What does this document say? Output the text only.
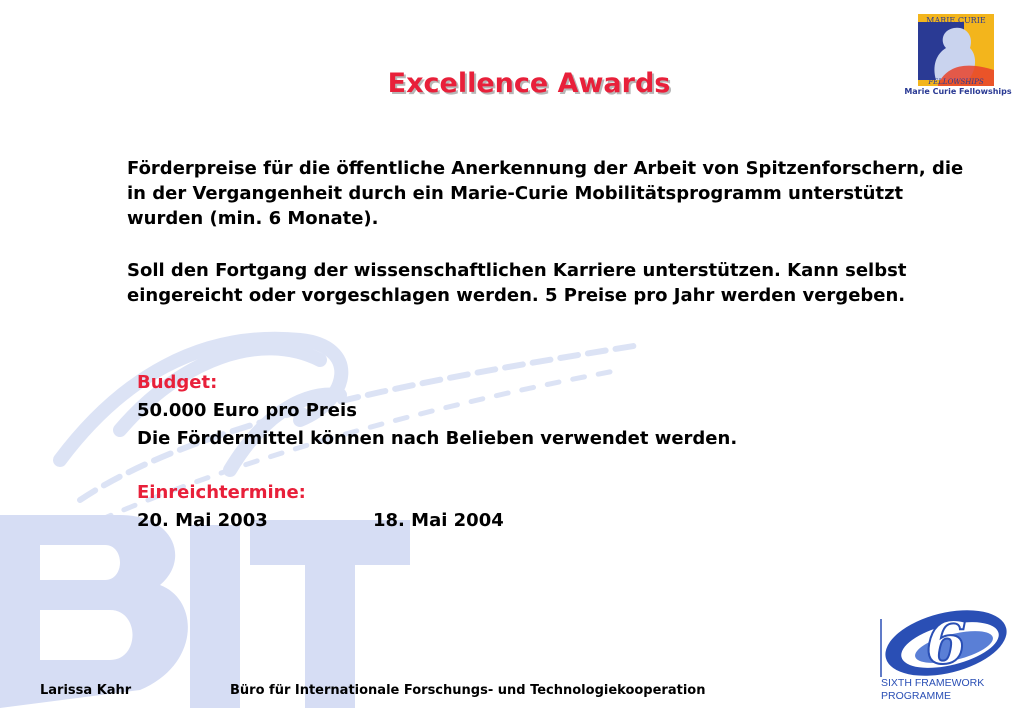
Excellence Awards
MARIE CURIE
FELLOWSHIPS
Marie Curie Fellowships
Förderpreise für die öffentliche Anerkennung der Arbeit von Spitzenforschern, die in der Vergangenheit durch ein Marie-Curie Mobilitätsprogramm unterstützt wurden (min. 6 Monate).
Soll den Fortgang der wissenschaftlichen Karriere unterstützen. Kann selbst eingereicht oder vorgeschlagen werden. 5 Preise pro Jahr werden vergeben.
Budget:
50.000 Euro pro Preis
Die Fördermittel können nach Belieben verwendet werden.
Einreichtermine:
20. Mai 2003	18. Mai 2004
6
SIXTH FRAMEWORK
PROGRAMME
Larissa Kahr	Büro für Internationale Forschungs- und Technologiekooperation
